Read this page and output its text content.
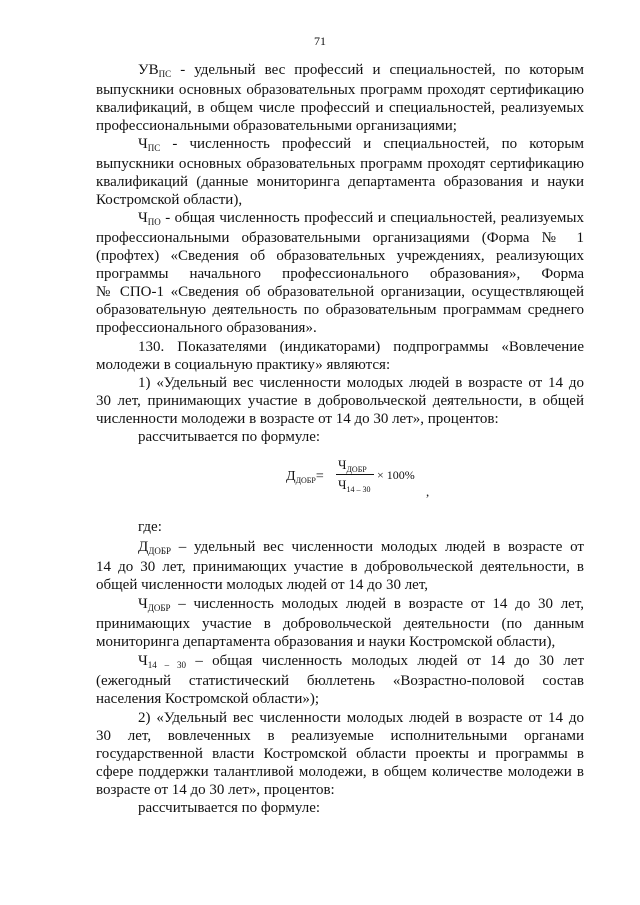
71
$УВ_{ПС}$ - удельный вес профессий и специальностей, по которым
выпускники основных образовательных программ проходят сертификацию
квалификаций, в общем числе профессий и специальностей, реализуемых
профессиональными образовательными организациями;
$Ч_{ПС}$ - численность профессий и специальностей, по которым
выпускники основных образовательных программ проходят сертификацию
квалификаций (данные мониторинга департамента образования и науки
Костромской области),
$Ч_{ПО}$ - общая численность профессий и специальностей, реализуемых
профессиональными образовательными организациями (Форма № 1
(профтех) «Сведения об образовательных учреждениях, реализующих
программы начального профессионального образования», Форма
№ СПО-1 «Сведения об образовательной организации, осуществляющей
образовательную деятельность по образовательным программам среднего
профессионального образования».
130. Показателями (индикаторами) подпрограммы «Вовлечение
молодежи в социальную практику» являются:
1) «Удельный вес численности молодых людей в возрасте от 14 до
30 лет, принимающих участие в добровольческой деятельности, в общей
численности молодежи в возрасте от 14 до 30 лет», процентов:
рассчитывается по формуле:
$Д_{ДОБР}=$
$Ч_{ДОБР}$
$Ч_{14 - 30}$
× 100%
,
где:
$Д_{ДОБР}$ – удельный вес численности молодых людей в возрасте от
14 до 30 лет, принимающих участие в добровольческой деятельности, в
общей численности молодых людей от 14 до 30 лет,
$Ч_{ДОБР}$ – численность молодых людей в возрасте от 14 до 30 лет,
принимающих участие в добровольческой деятельности (по данным
мониторинга департамента образования и науки Костромской области),
$Ч_{14 - 30}$ – общая численность молодых людей от 14 до 30 лет
(ежегодный статистический бюллетень «Возрастно-половой состав
населения Костромской области»);
2) «Удельный вес численности молодых людей в возрасте от 14 до
30 лет, вовлеченных в реализуемые исполнительными органами
государственной власти Костромской области проекты и программы в
сфере поддержки талантливой молодежи, в общем количестве молодежи в
возрасте от 14 до 30 лет», процентов:
рассчитывается по формуле:
